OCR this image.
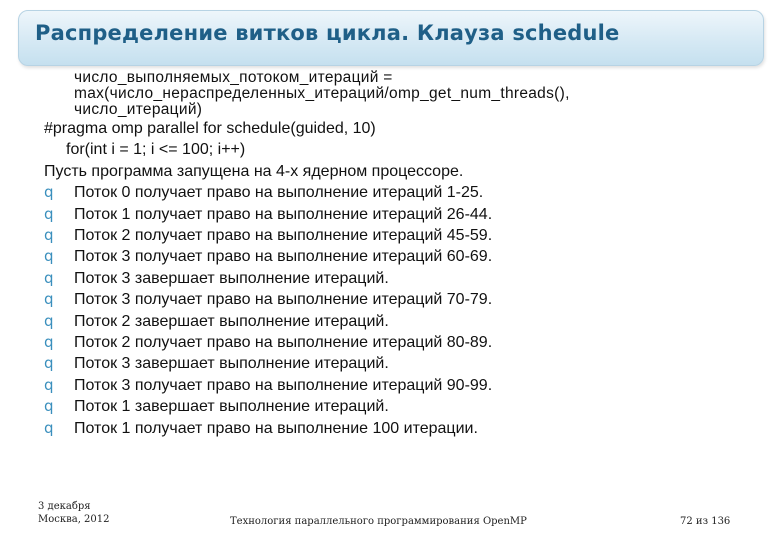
Распределение витков цикла. Клауза schedule
число_выполняемых_потоком_итераций =
max(число_нераспределенных_итераций/omp_get_num_threads(),
число_итераций)
#pragma omp parallel for schedule(guided, 10)
for(int i = 1; i <= 100; i++)
Пусть программа запущена на 4-х ядерном процессоре.
q Поток 0 получает право на выполнение итераций 1-25.
q Поток 1 получает право на выполнение итераций 26-44.
q Поток 2 получает право на выполнение итераций 45-59.
q Поток 3 получает право на выполнение итераций 60-69.
q Поток 3 завершает выполнение итераций.
q Поток 3 получает право на выполнение итераций 70-79.
q Поток 2 завершает выполнение итераций.
q Поток 2 получает право на выполнение итераций 80-89.
q Поток 3 завершает выполнение итераций.
q Поток 3 получает право на выполнение итераций 90-99.
q Поток 1 завершает выполнение итераций.
q Поток 1 получает право на выполнение 100 итерации.
3 декабря
Москва, 2012	Технология параллельного программирования OpenMP	72 из 136
